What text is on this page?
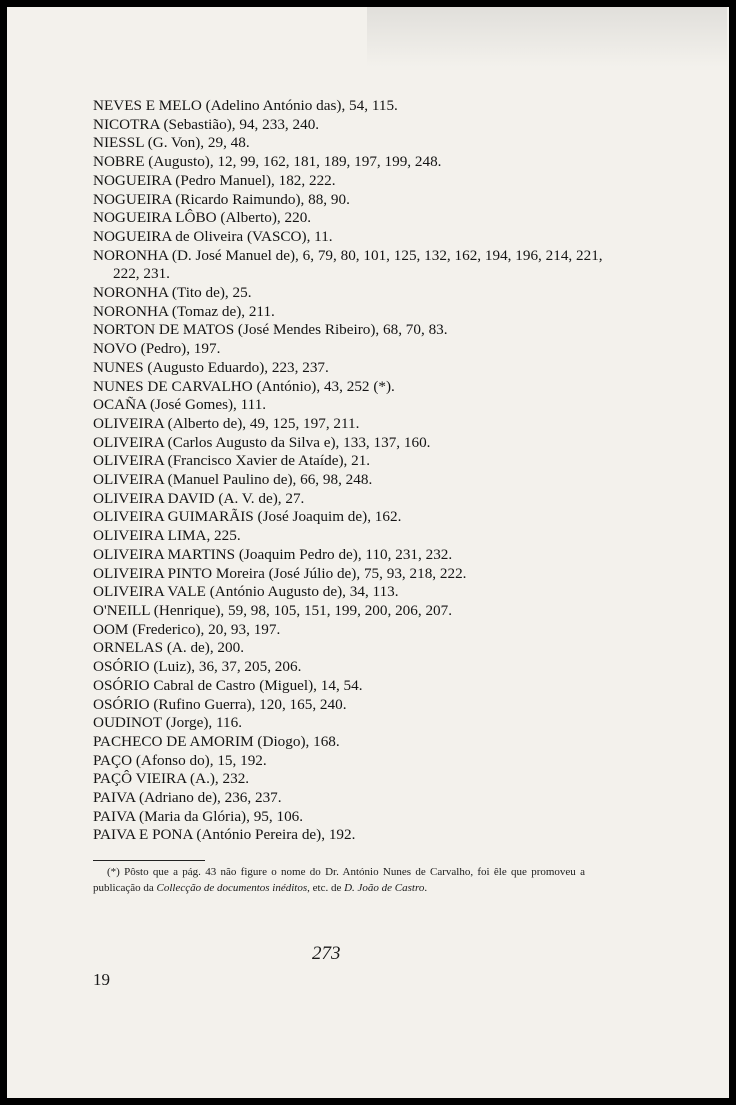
NEVES E MELO (Adelino António das), 54, 115.
NICOTRA (Sebastião), 94, 233, 240.
NIESSL (G. Von), 29, 48.
NOBRE (Augusto), 12, 99, 162, 181, 189, 197, 199, 248.
NOGUEIRA (Pedro Manuel), 182, 222.
NOGUEIRA (Ricardo Raimundo), 88, 90.
NOGUEIRA LÔBO (Alberto), 220.
NOGUEIRA de Oliveira (VASCO), 11.
NORONHA (D. José Manuel de), 6, 79, 80, 101, 125, 132, 162, 194, 196, 214, 221, 222, 231.
NORONHA (Tito de), 25.
NORONHA (Tomaz de), 211.
NORTON DE MATOS (José Mendes Ribeiro), 68, 70, 83.
NOVO (Pedro), 197.
NUNES (Augusto Eduardo), 223, 237.
NUNES DE CARVALHO (António), 43, 252 (*).
OCAÑA (José Gomes), 111.
OLIVEIRA (Alberto de), 49, 125, 197, 211.
OLIVEIRA (Carlos Augusto da Silva e), 133, 137, 160.
OLIVEIRA (Francisco Xavier de Ataíde), 21.
OLIVEIRA (Manuel Paulino de), 66, 98, 248.
OLIVEIRA DAVID (A. V. de), 27.
OLIVEIRA GUIMARÃIS (José Joaquim de), 162.
OLIVEIRA LIMA, 225.
OLIVEIRA MARTINS (Joaquim Pedro de), 110, 231, 232.
OLIVEIRA PINTO Moreira (José Júlio de), 75, 93, 218, 222.
OLIVEIRA VALE (António Augusto de), 34, 113.
O'NEILL (Henrique), 59, 98, 105, 151, 199, 200, 206, 207.
OOM (Frederico), 20, 93, 197.
ORNELAS (A. de), 200.
OSÓRIO (Luiz), 36, 37, 205, 206.
OSÓRIO Cabral de Castro (Miguel), 14, 54.
OSÓRIO (Rufino Guerra), 120, 165, 240.
OUDINOT (Jorge), 116.
PACHECO DE AMORIM (Diogo), 168.
PAÇO (Afonso do), 15, 192.
PAÇÔ VIEIRA (A.), 232.
PAIVA (Adriano de), 236, 237.
PAIVA (Maria da Glória), 95, 106.
PAIVA E PONA (António Pereira de), 192.

(*) Pôsto que a pág. 43 não figure o nome do Dr. António Nunes de Carvalho, foi êle que promoveu a publicação da Collecção de documentos inéditos, etc. de D. João de Castro.

273
19
